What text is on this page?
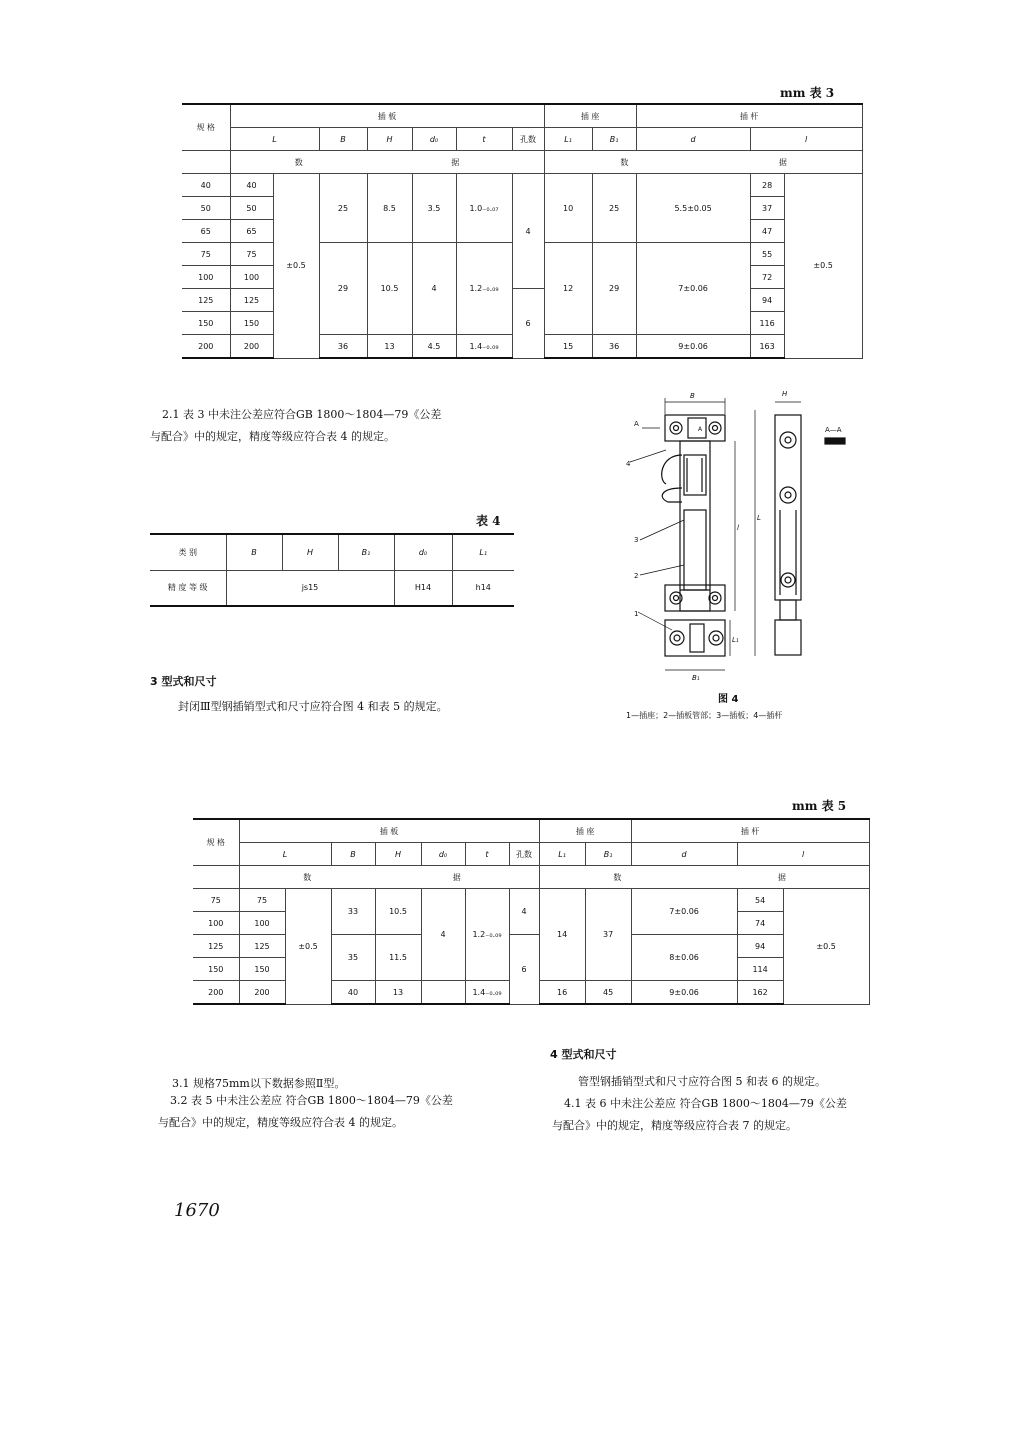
mm 表 3
规 格	插 板							插 座		插 杆				
	L		B	H	d₀	t	孔数	L₁	B₁	d		l	
	数			据				数			据			
40	40	±0.5	25	8.5	3.5	1.0₋₀.₀₇	4	10	25	5.5±0.05		28	±0.5	
50	50											37		
65	65											47		
75	75		29	10.5	4	1.2₋₀.₀₉		12	29	7±0.06		55		
100	100											72		
125	125						6					94		
150	150											116		
200	200		36	13	4.5	1.4₋₀.₀₉		15	36	9±0.06		163		
2.1 表 3 中未注公差应符合GB 1800～1804—79《公差
与配合》中的规定，精度等级应符合表 4 的规定。
表 4
类 别	B	H	B₁	d₀	L₁
精 度 等 级	js15			H14	h14
3 型式和尺寸
封闭Ⅲ型钢插销型式和尺寸应符合图 4 和表 5 的规定。
B	H
A
A	A—A
4
3
2
1
l
L
L₁
B₁
图 4
1—插座；2—插板管部；3—插板；4—插杆
mm 表 5
规 格	插 板							插 座		插 杆				
	L		B	H	d₀	t	孔数	L₁	B₁	d		l	
	数			据				数			据			
75	75	±0.5	33	10.5	4	1.2₋₀.₀₉	4	14	37	7±0.06		54	±0.5	
100	100											74		
125	125		35	11.5			6			8±0.06		94		
150	150											114		
200	200		40	13		1.4₋₀.₀₉		16	45	9±0.06		162		
4 型式和尺寸
管型钢插销型式和尺寸应符合图 5 和表 6 的规定。
4.1 表 6 中未注公差应 符合GB 1800～1804—79《公差
与配合》中的规定，精度等级应符合表 7 的规定。
3.1 规格75mm以下数据参照Ⅱ型。
3.2 表 5 中未注公差应 符合GB 1800～1804—79《公差
与配合》中的规定，精度等级应符合表 4 的规定。
1670
